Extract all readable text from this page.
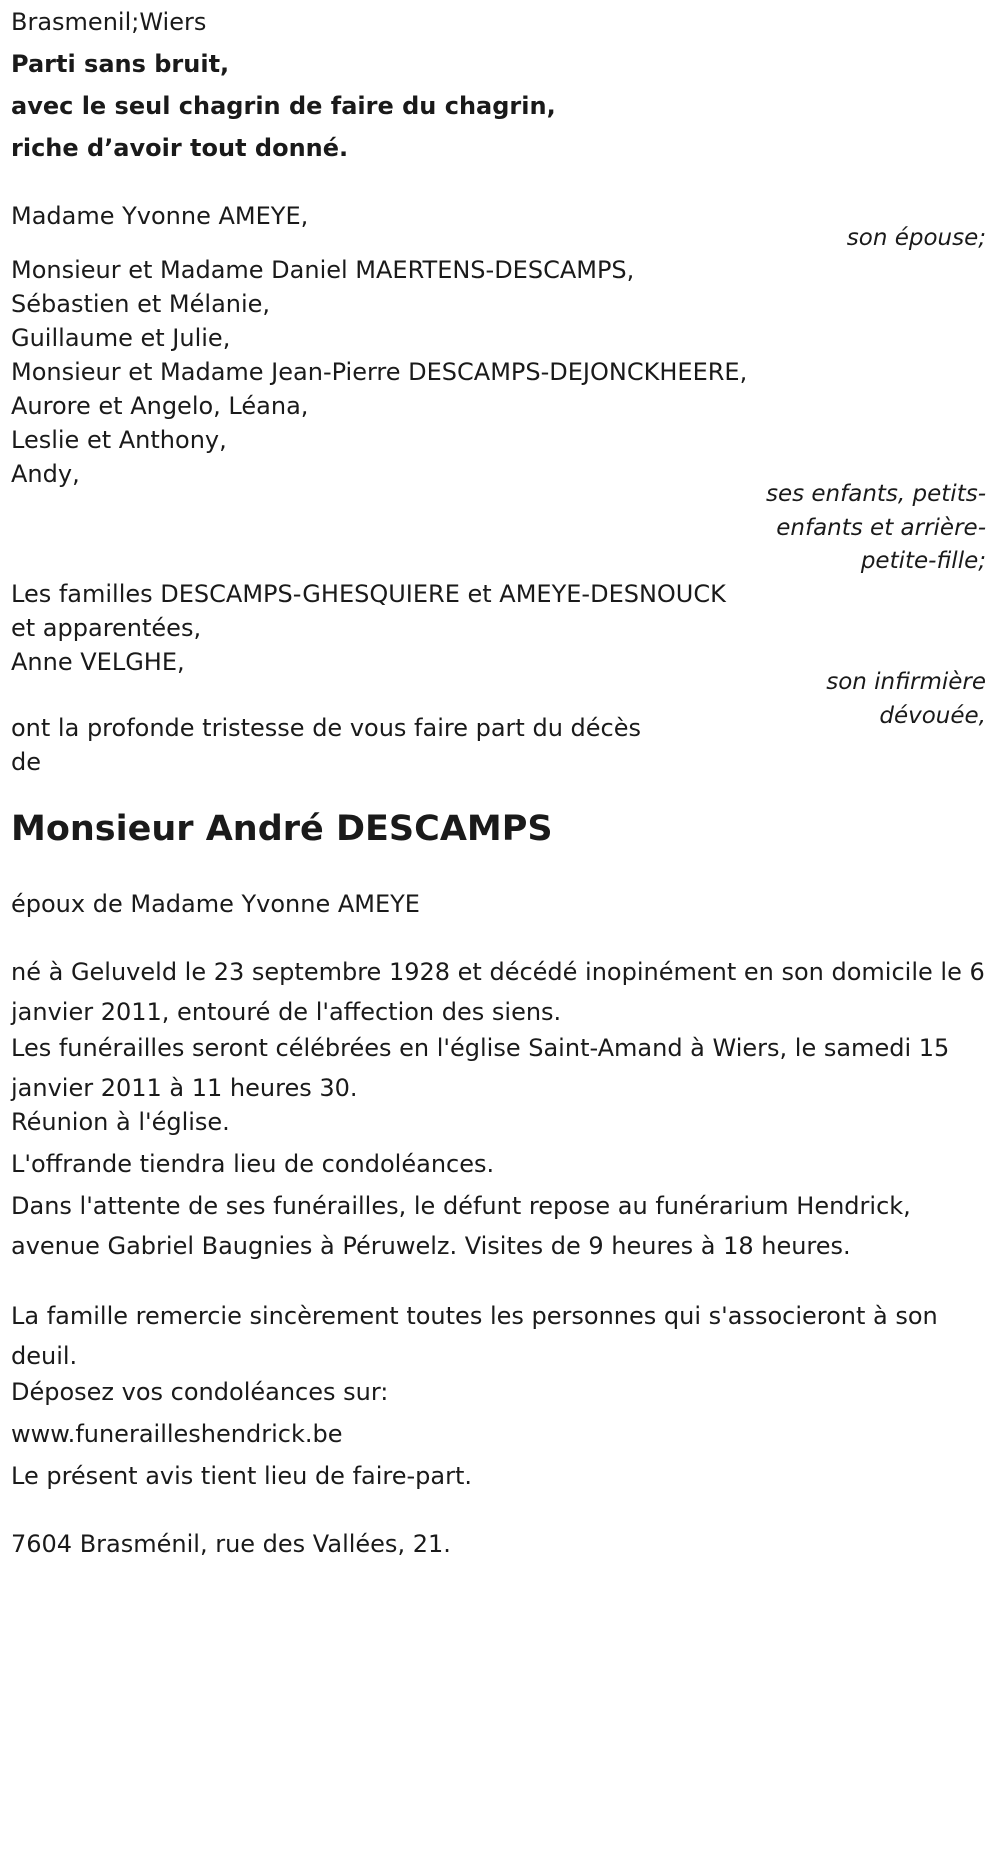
Brasmenil;Wiers
Parti sans bruit,
avec le seul chagrin de faire du chagrin,
riche d’avoir tout donné.
Madame Yvonne AMEYE,
son épouse;
Monsieur et Madame Daniel MAERTENS-DESCAMPS,
Sébastien et Mélanie,
Guillaume et Julie,
Monsieur et Madame Jean-Pierre DESCAMPS-DEJONCKHEERE,
Aurore et Angelo, Léana,
Leslie et Anthony,
Andy,
ses enfants, petits-
enfants et arrière-
petite-fille;
Les familles DESCAMPS-GHESQUIERE et AMEYE-DESNOUCK
et apparentées,
Anne VELGHE,
son infirmière
dévouée,
ont la profonde tristesse de vous faire part du décès
de
Monsieur André DESCAMPS
époux de Madame Yvonne AMEYE
né à Geluveld le 23 septembre 1928 et décédé inopinément en son domicile le 6 janvier 2011, entouré de l'affection des siens.
Les funérailles seront célébrées en l'église Saint-Amand à Wiers, le samedi 15 janvier 2011 à 11 heures 30.
Réunion à l'église.
L'offrande tiendra lieu de condoléances.
Dans l'attente de ses funérailles, le défunt repose au funérarium Hendrick, avenue Gabriel Baugnies à Péruwelz. Visites de 9 heures à 18 heures.
La famille remercie sincèrement toutes les personnes qui s'associeront à son deuil.
Déposez vos condoléances sur:
www.funerailleshendrick.be
Le présent avis tient lieu de faire-part.
7604 Brasménil, rue des Vallées, 21.
